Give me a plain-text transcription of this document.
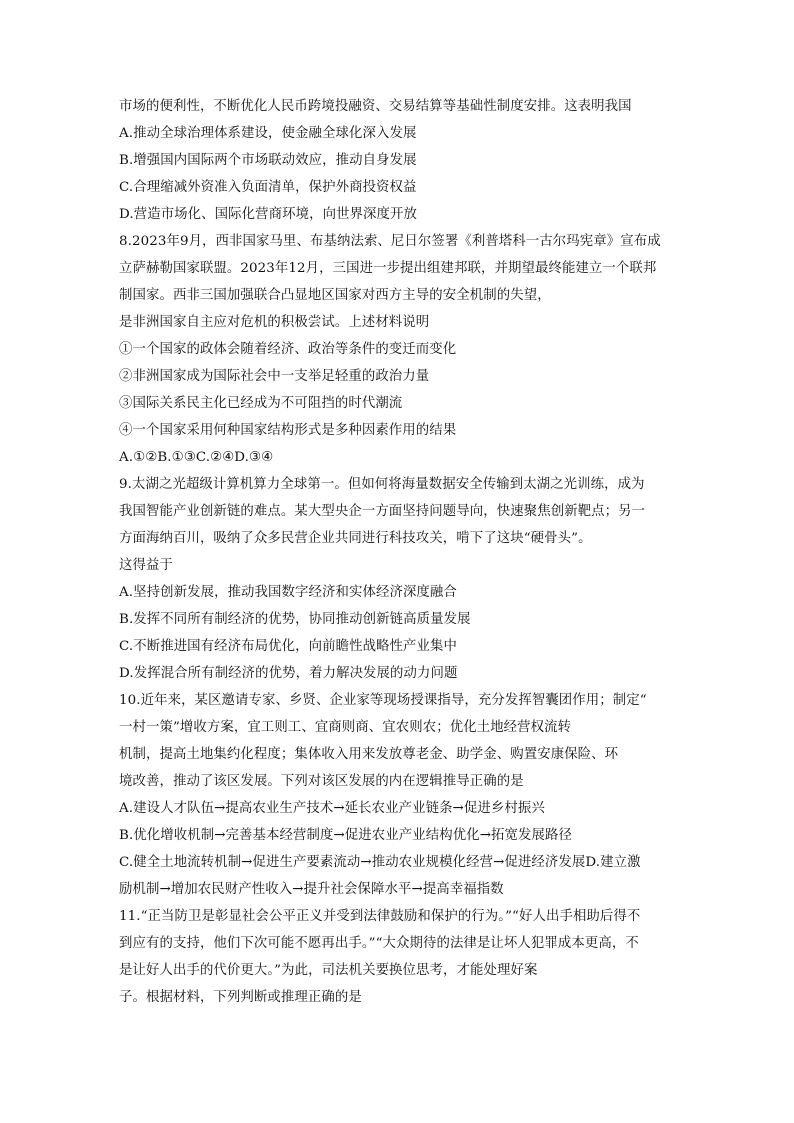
市场的便利性，不断优化人民币跨境投融资、交易结算等基础性制度安排。这表明我国
A.推动全球治理体系建设，使金融全球化深入发展
B.增强国内国际两个市场联动效应，推动自身发展
C.合理缩减外资准入负面清单，保护外商投资权益
D.营造市场化、国际化营商环境，向世界深度开放
8.2023年9月，西非国家马里、布基纳法索、尼日尔签署《利普塔科一古尔玛宪章》宣布成
立萨赫勒国家联盟。2023年12月，三国进一步提出组建邦联，并期望最终能建立一个联邦
制国家。西非三国加强联合凸显地区国家对西方主导的安全机制的失望，
是非洲国家自主应对危机的积极尝试。上述材料说明
①一个国家的政体会随着经济、政治等条件的变迁而变化
②非洲国家成为国际社会中一支举足轻重的政治力量
③国际关系民主化已经成为不可阻挡的时代潮流
④一个国家采用何种国家结构形式是多种因素作用的结果
A.①②B.①③C.②④D.③④
9.太湖之光超级计算机算力全球第一。但如何将海量数据安全传输到太湖之光训练，成为
我国智能产业创新链的难点。某大型央企一方面坚持问题导向，快速聚焦创新靶点；另一
方面海纳百川，吸纳了众多民营企业共同进行科技攻关，啃下了这块“硬骨头”。
这得益于
A.坚持创新发展，推动我国数字经济和实体经济深度融合
B.发挥不同所有制经济的优势，协同推动创新链高质量发展
C.不断推进国有经济布局优化，向前瞻性战略性产业集中
D.发挥混合所有制经济的优势，着力解决发展的动力问题
10.近年来，某区邀请专家、乡贤、企业家等现场授课指导，充分发挥智囊团作用；制定“
一村一策”增收方案，宜工则工、宜商则商、宜农则农；优化土地经营权流转
机制，提高土地集约化程度；集体收入用来发放尊老金、助学金、购置安康保险、环
境改善，推动了该区发展。下列对该区发展的内在逻辑推导正确的是
A.建设人才队伍→提高农业生产技术→延长农业产业链条→促进乡村振兴
B.优化增收机制→完善基本经营制度→促进农业产业结构优化→拓宽发展路径
C.健全土地流转机制→促进生产要素流动→推动农业规模化经营→促进经济发展D.建立激
励机制→增加农民财产性收入→提升社会保障水平→提高幸福指数
11.“正当防卫是彰显社会公平正义并受到法律鼓励和保护的行为。”“好人出手相助后得不
到应有的支持，他们下次可能不愿再出手。”“大众期待的法律是让坏人犯罪成本更高，不
是让好人出手的代价更大。”为此，司法机关要换位思考，才能处理好案
子。根据材料，下列判断或推理正确的是
